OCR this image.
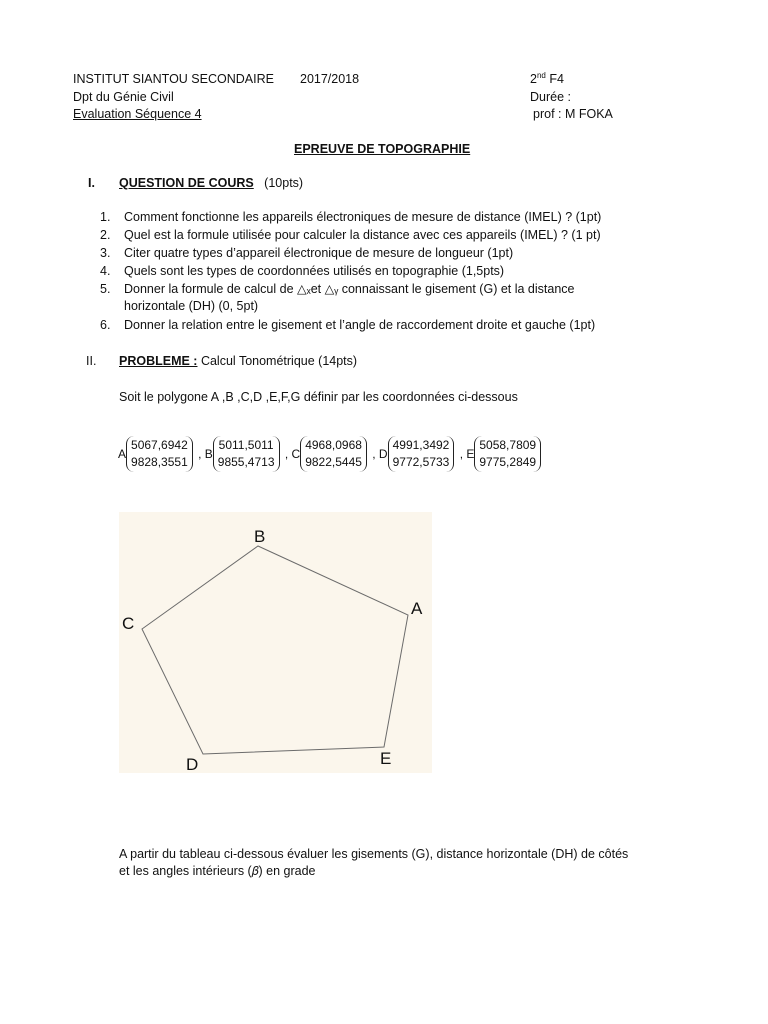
INSTITUT SIANTOU SECONDAIRE 2017/2018	2nd F4
Dpt du Génie Civil	Durée :
Evaluation Séquence 4	prof : M FOKA
EPREUVE DE TOPOGRAPHIE
I. QUESTION DE COURS (10pts)
1. Comment fonctionne les appareils électroniques de mesure de distance (IMEL) ? (1pt)
2. Quel est la formule utilisée pour calculer la distance avec ces appareils (IMEL) ? (1 pt)
3. Citer quatre types d’appareil électronique de mesure de longueur (1pt)
4. Quels sont les types de coordonnées utilisés en topographie (1,5pts)
5. Donner la formule de calcul de △ₓet △ᵧ connaissant le gisement (G) et la distance
horizontale (DH) (0, 5pt)
6. Donner la relation entre le gisement et l’angle de raccordement droite et gauche (1pt)
II. PROBLEME : Calcul Tonométrique (14pts)
Soit le polygone A ,B ,C,D ,E,F,G définir par les coordonnées ci-dessous
A
5067,6942
9828,3551

, B
5011,5011
9855,4713

, C
4968,0968
9822,5445

, D
4991,3492
9772,5733

, E
5058,7809
9775,2849
B
A
C
D	E
A partir du tableau ci-dessous évaluer les gisements (G), distance horizontale (DH) de côtés
et les angles intérieurs (𝛽) en grade
